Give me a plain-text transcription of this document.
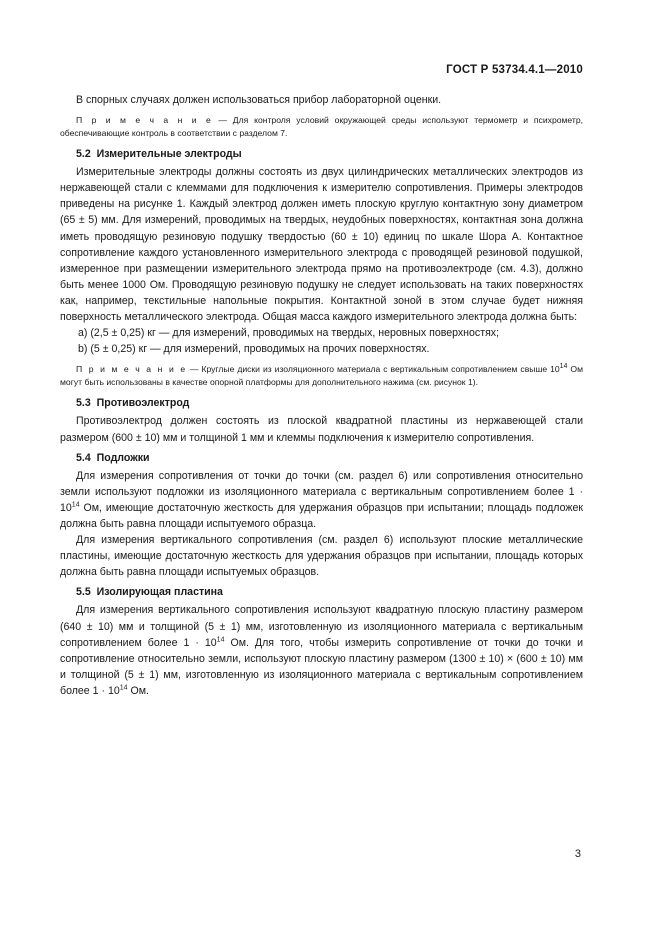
ГОСТ Р 53734.4.1—2010

В спорных случаях должен использоваться прибор лабораторной оценки.

П р и м е ч а н и е — Для контроля условий окружающей среды используют термометр и психрометр, обеспечивающие контроль в соответствии с разделом 7.

5.2 Измерительные электроды

Измерительные электроды должны состоять из двух цилиндрических металлических электродов из нержавеющей стали с клеммами для подключения к измерителю сопротивления. Примеры электродов приведены на рисунке 1. Каждый электрод должен иметь плоскую круглую контактную зону диаметром (65 ± 5) мм. Для измерений, проводимых на твердых, неудобных поверхностях, контактная зона должна иметь проводящую резиновую подушку твердостью (60 ± 10) единиц по шкале Шора А. Контактное сопротивление каждого установленного измерительного электрода с проводящей резиновой подушкой, измеренное при размещении измерительного электрода прямо на противоэлектроде (см. 4.3), должно быть менее 1000 Ом. Проводящую резиновую подушку не следует использовать на таких поверхностях как, например, текстильные напольные покрытия. Контактной зоной в этом случае будет нижняя поверхность металлического электрода. Общая масса каждого измерительного электрода должна быть:

a) (2,5 ± 0,25) кг — для измерений, проводимых на твердых, неровных поверхностях;

b) (5 ± 0,25) кг — для измерений, проводимых на прочих поверхностях.

П р и м е ч а н и е — Круглые диски из изоляционного материала с вертикальным сопротивлением свыше $10^{14}$ Ом могут быть использованы в качестве опорной платформы для дополнительного нажима (см. рисунок 1).

5.3 Противоэлектрод

Противоэлектрод должен состоять из плоской квадратной пластины из нержавеющей стали размером (600 ± 10) мм и толщиной 1 мм и клеммы подключения к измерителю сопротивления.

5.4 Подложки

Для измерения сопротивления от точки до точки (см. раздел 6) или сопротивления относительно земли используют подложки из изоляционного материала с вертикальным сопротивлением более $1 \cdot 10^{14}$ Ом, имеющие достаточную жесткость для удержания образцов при испытании; площадь подложек должна быть равна площади испытуемого образца.

Для измерения вертикального сопротивления (см. раздел 6) используют плоские металлические пластины, имеющие достаточную жесткость для удержания образцов при испытании, площадь которых должна быть равна площади испытуемых образцов.

5.5 Изолирующая пластина

Для измерения вертикального сопротивления используют квадратную плоскую пластину размером (640 ± 10) мм и толщиной (5 ± 1) мм, изготовленную из изоляционного материала с вертикальным сопротивлением более $1 \cdot 10^{14}$ Ом. Для того, чтобы измерить сопротивление от точки до точки и сопротивление относительно земли, используют плоскую пластину размером (1300 ± 10) × (600 ± 10) мм и толщиной (5 ± 1) мм, изготовленную из изоляционного материала с вертикальным сопротивлением более $1 \cdot 10^{14}$ Ом.

3
